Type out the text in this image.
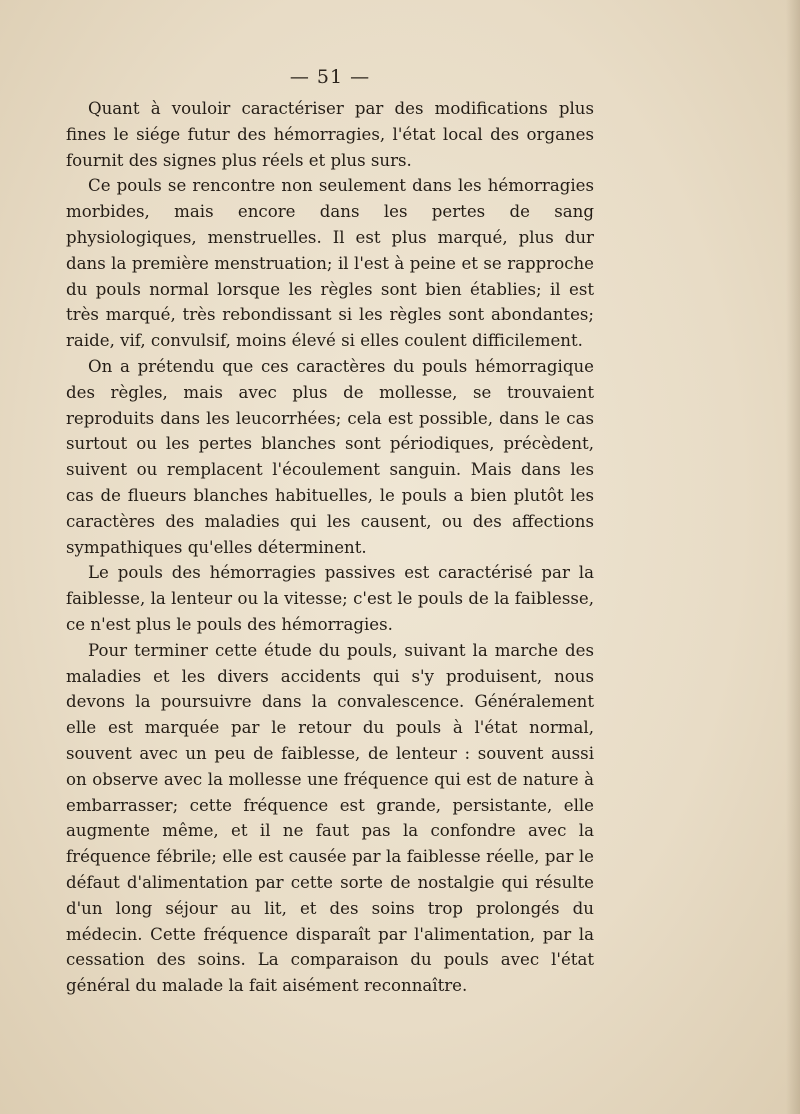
— 51 —

Quant à vouloir caractériser par des modifications plus fines le siége futur des hémorragies, l'état local des organes fournit des signes plus réels et plus surs.

Ce pouls se rencontre non seulement dans les hémorragies morbides, mais encore dans les pertes de sang physiologiques, menstruelles. Il est plus marqué, plus dur dans la première menstruation; il l'est à peine et se rapproche du pouls normal lorsque les règles sont bien établies; il est très marqué, très rebondissant si les règles sont abondantes; raide, vif, convulsif, moins élevé si elles coulent difficilement.

On a prétendu que ces caractères du pouls hémorragique des règles, mais avec plus de mollesse, se trouvaient reproduits dans les leucorrhées; cela est possible, dans le cas surtout ou les pertes blanches sont périodiques, précèdent, suivent ou remplacent l'écoulement sanguin. Mais dans les cas de flueurs blanches habituelles, le pouls a bien plutôt les caractères des maladies qui les causent, ou des affections sympathiques qu'elles déterminent.

Le pouls des hémorragies passives est caractérisé par la faiblesse, la lenteur ou la vitesse; c'est le pouls de la faiblesse, ce n'est plus le pouls des hémorragies.

Pour terminer cette étude du pouls, suivant la marche des maladies et les divers accidents qui s'y produisent, nous devons la poursuivre dans la convalescence. Généralement elle est marquée par le retour du pouls à l'état normal, souvent avec un peu de faiblesse, de lenteur : souvent aussi on observe avec la mollesse une fréquence qui est de nature à embarrasser; cette fréquence est grande, persistante, elle augmente même, et il ne faut pas la confondre avec la fréquence fébrile; elle est causée par la faiblesse réelle, par le défaut d'alimentation par cette sorte de nostalgie qui résulte d'un long séjour au lit, et des soins trop prolongés du médecin. Cette fréquence disparaît par l'alimentation, par la cessation des soins. La comparaison du pouls avec l'état général du malade la fait aisément reconnaître.
